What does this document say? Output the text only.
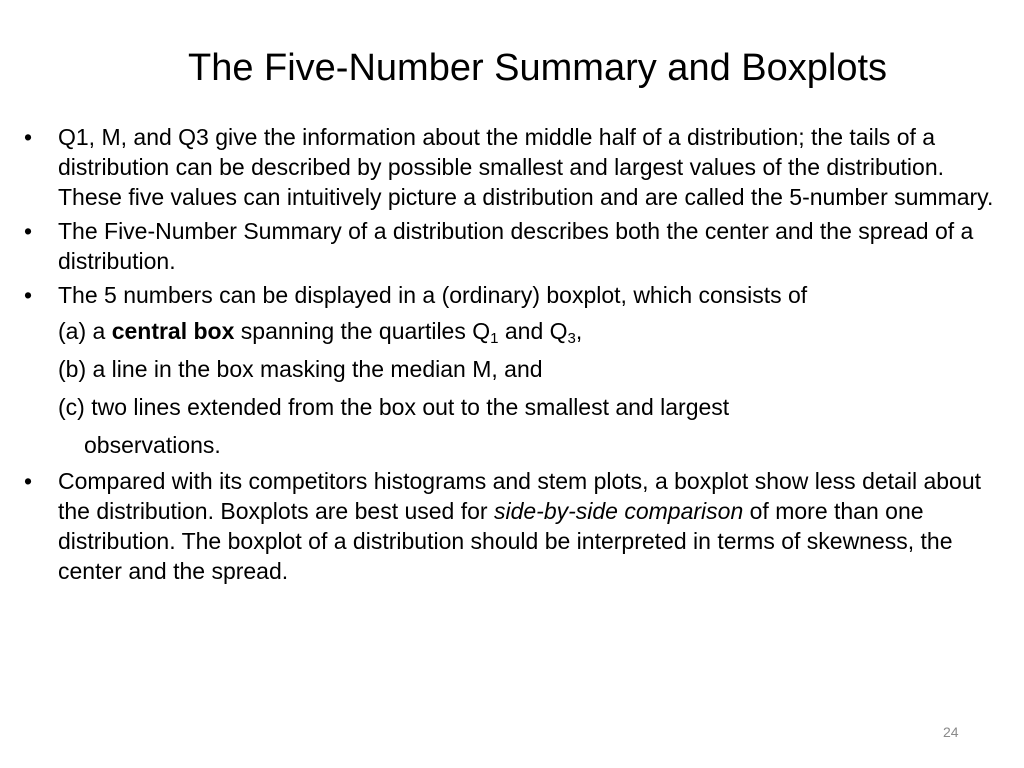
The Five-Number Summary and Boxplots
•	Q1, M, and Q3 give the information about the middle half of a distribution; the tails of a distribution can be described by possible smallest and largest values of the distribution. These five values can intuitively picture a distribution and are called the 5-number summary.
•	The Five-Number Summary of a distribution describes both the center and the spread of a distribution.
•	The 5 numbers can be displayed in a (ordinary) boxplot, which consists of
(a) a central box spanning the quartiles $Q_1$ and $Q_3$,
(b) a line in the box masking the median M, and
(c) two lines extended from the box out to the smallest and largest
observations.
•	Compared with its competitors histograms and stem plots, a boxplot show less detail about the distribution. Boxplots are best used for side-by-side comparison of more than one distribution. The boxplot of a distribution should be interpreted in terms of skewness, the center and the spread.
24
